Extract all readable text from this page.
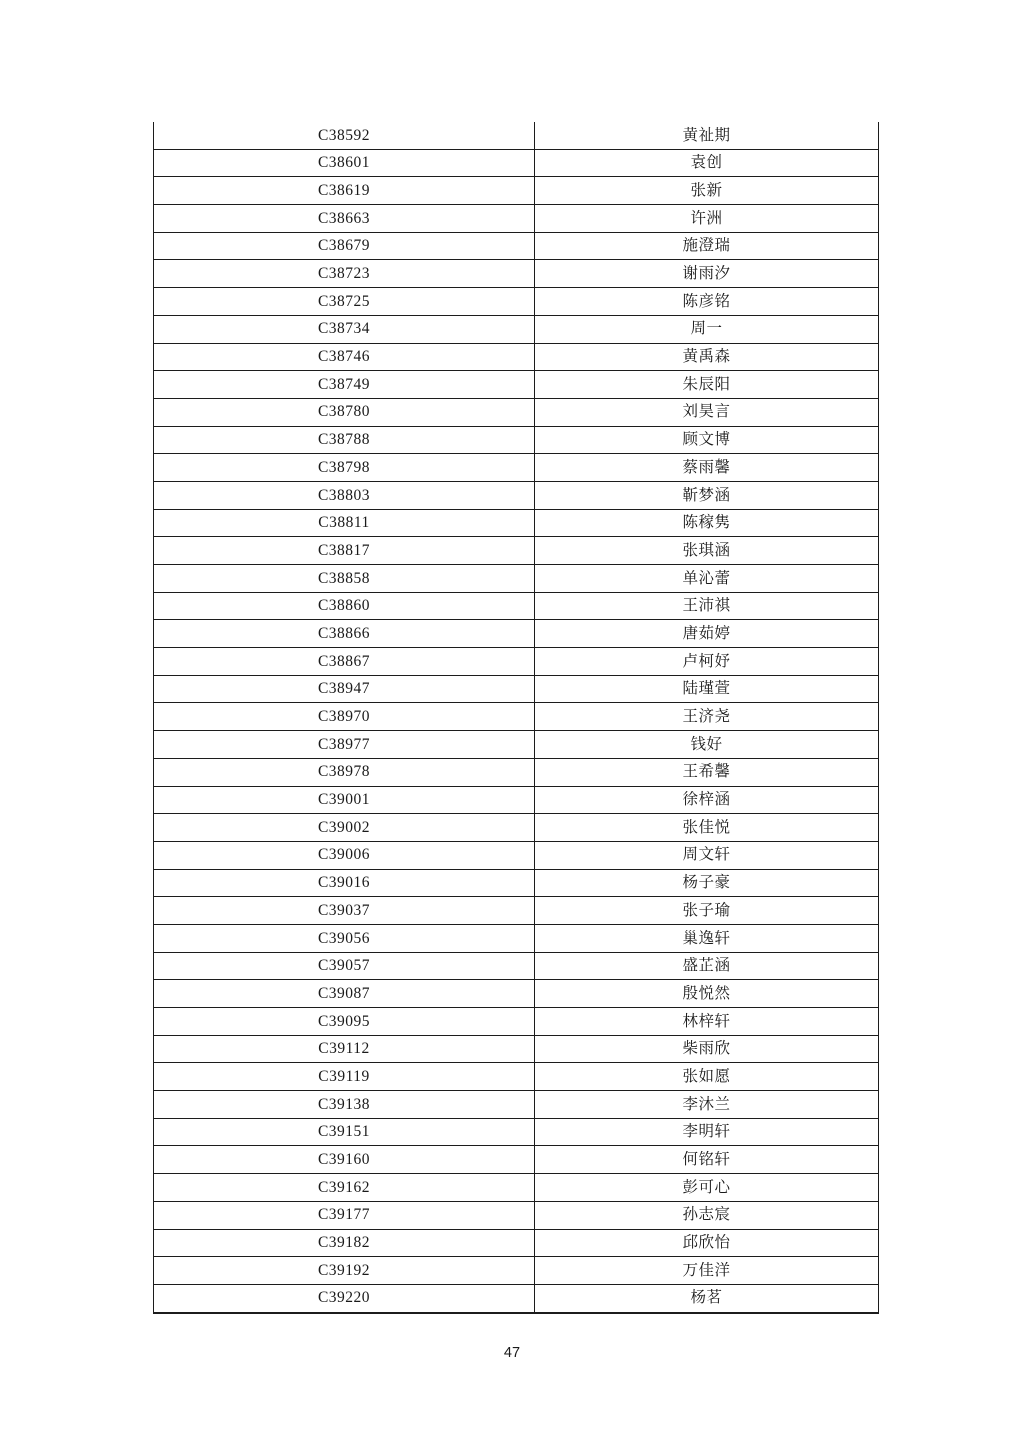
C38592	黄祉期
C38601	袁创
C38619	张新
C38663	许洲
C38679	施澄瑞
C38723	谢雨汐
C38725	陈彦铭
C38734	周一
C38746	黄禹森
C38749	朱辰阳
C38780	刘昊言
C38788	顾文博
C38798	蔡雨馨
C38803	靳梦涵
C38811	陈稼隽
C38817	张琪涵
C38858	单沁蕾
C38860	王沛祺
C38866	唐茹婷
C38867	卢柯妤
C38947	陆瑾萱
C38970	王济尧
C38977	钱好
C38978	王希馨
C39001	徐梓涵
C39002	张佳悦
C39006	周文轩
C39016	杨子豪
C39037	张子瑜
C39056	巢逸轩
C39057	盛芷涵
C39087	殷悦然
C39095	林梓轩
C39112	柴雨欣
C39119	张如愿
C39138	李沐兰
C39151	李明轩
C39160	何铭轩
C39162	彭可心
C39177	孙志宸
C39182	邱欣怡
C39192	万佳洋
C39220	杨茗
47
